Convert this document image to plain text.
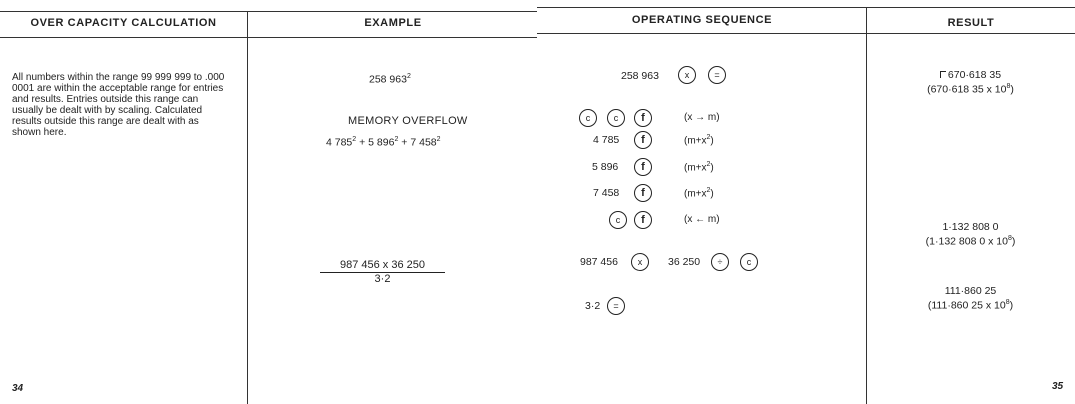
OVER CAPACITY CALCULATION	EXAMPLE	OPERATING SEQUENCE	RESULT
All numbers within the range 99 999 999 to .000 0001 are within the acceptable range for entries and results. Entries outside this range can usually be dealt with by scaling. Calculated results outside this range are dealt with as shown here.
258 $963^2$
MEMORY OVERFLOW
4 $785^2 + 5$ $896^2 + 7$ $458^2$
$\frac{987 456 x 36 250}{3\cdot 2}$
258 963	x	=
c	c	f	(x → m)
4 785	f	$(m+x^2)$
5 896	f	$(m+x^2)$
7 458	f	$(m+x^2)$
c	f	(x ← m)
987 456	x	36 250	÷	c
3·2	=
670·618 35
(670·618 35 x $10^8$)
1·132 808 0
(1·132 808 0 x $10^8$)
111·860 25
(111·860 25 x $10^8$)
34	35
